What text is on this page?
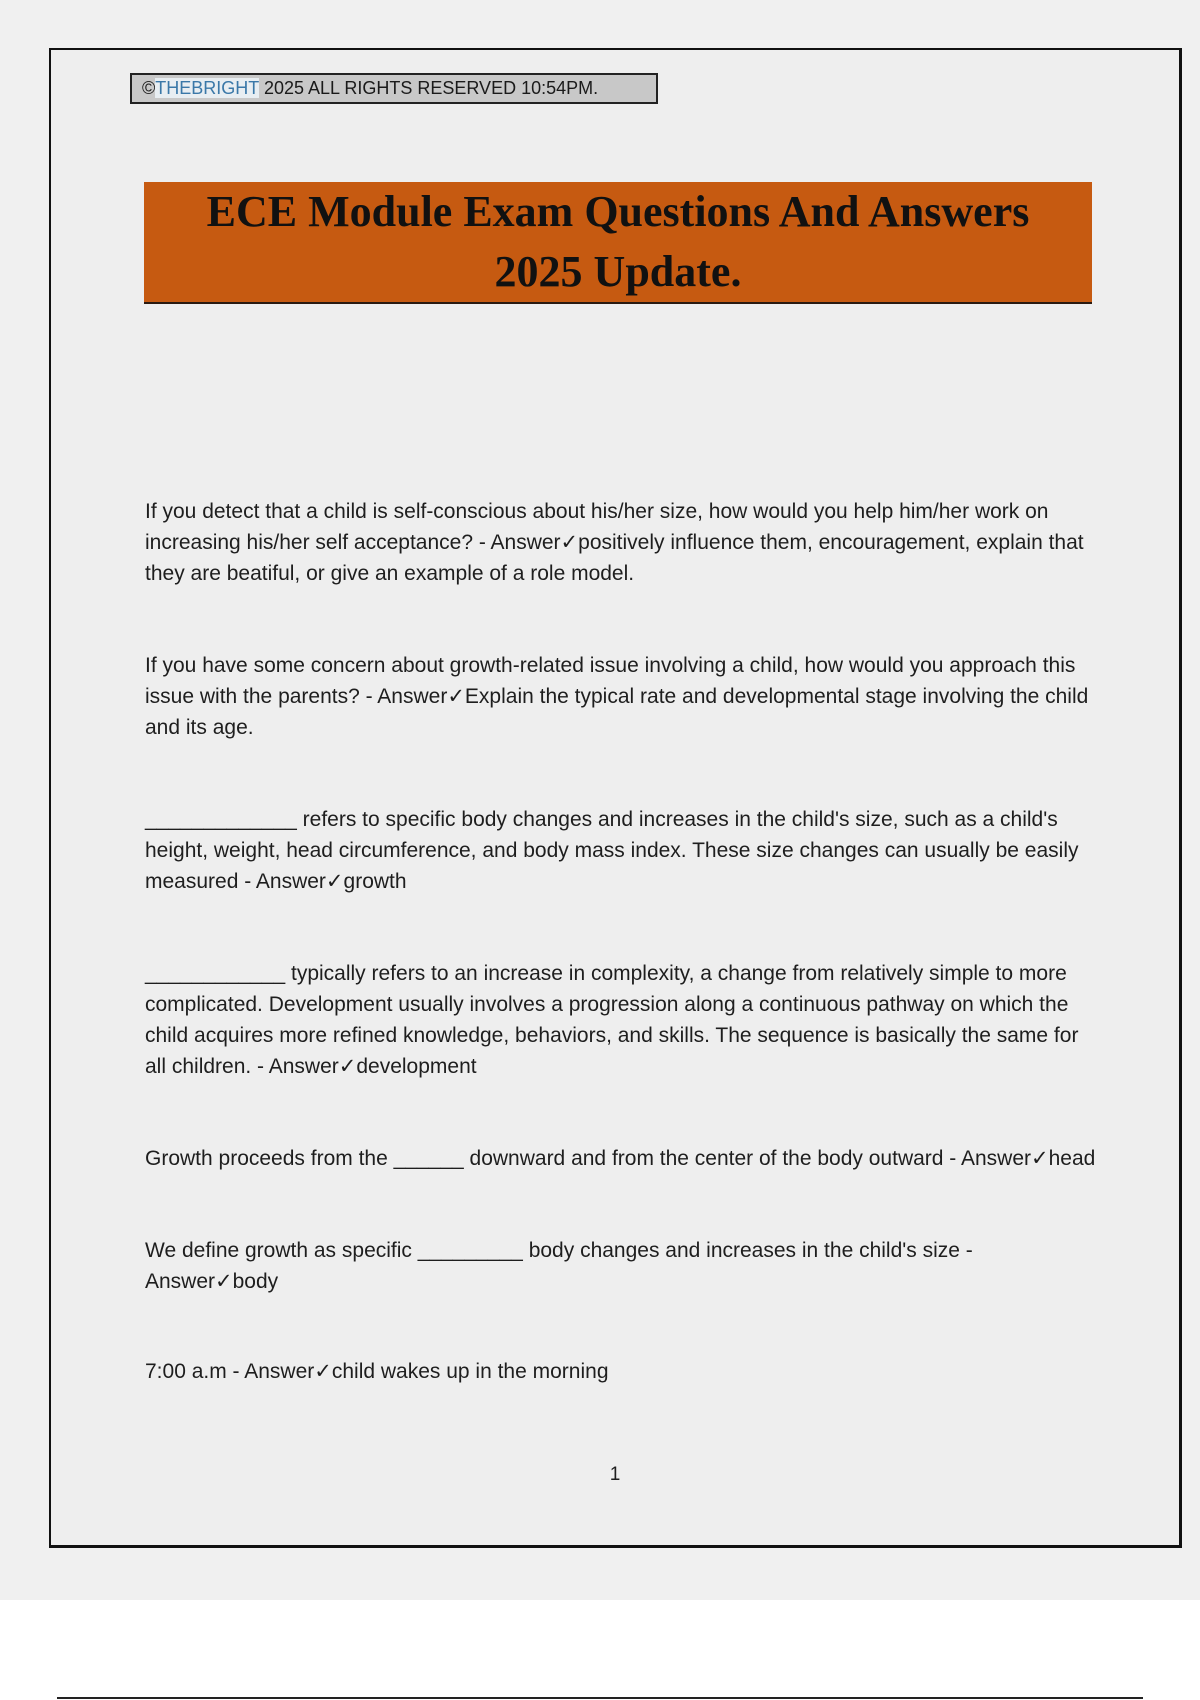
©THEBRIGHT 2025 ALL RIGHTS RESERVED 10:54PM.
ECE Module Exam Questions And Answers
2025 Update.

If you detect that a child is self-conscious about his/her size, how would you help him/her work on increasing his/her self acceptance? - Answer✓positively influence them, encouragement, explain that they are beatiful, or give an example of a role model.

If you have some concern about growth-related issue involving a child, how would you approach this issue with the parents? - Answer✓Explain the typical rate and developmental stage involving the child and its age.

_____________ refers to specific body changes and increases in the child's size, such as a child's height, weight, head circumference, and body mass index. These size changes can usually be easily measured - Answer✓growth

____________ typically refers to an increase in complexity, a change from relatively simple to more complicated. Development usually involves a progression along a continuous pathway on which the child acquires more refined knowledge, behaviors, and skills. The sequence is basically the same for all children. - Answer✓development

Growth proceeds from the ______ downward and from the center of the body outward - Answer✓head

We define growth as specific _________ body changes and increases in the child's size - Answer✓body

7:00 a.m - Answer✓child wakes up in the morning

1
